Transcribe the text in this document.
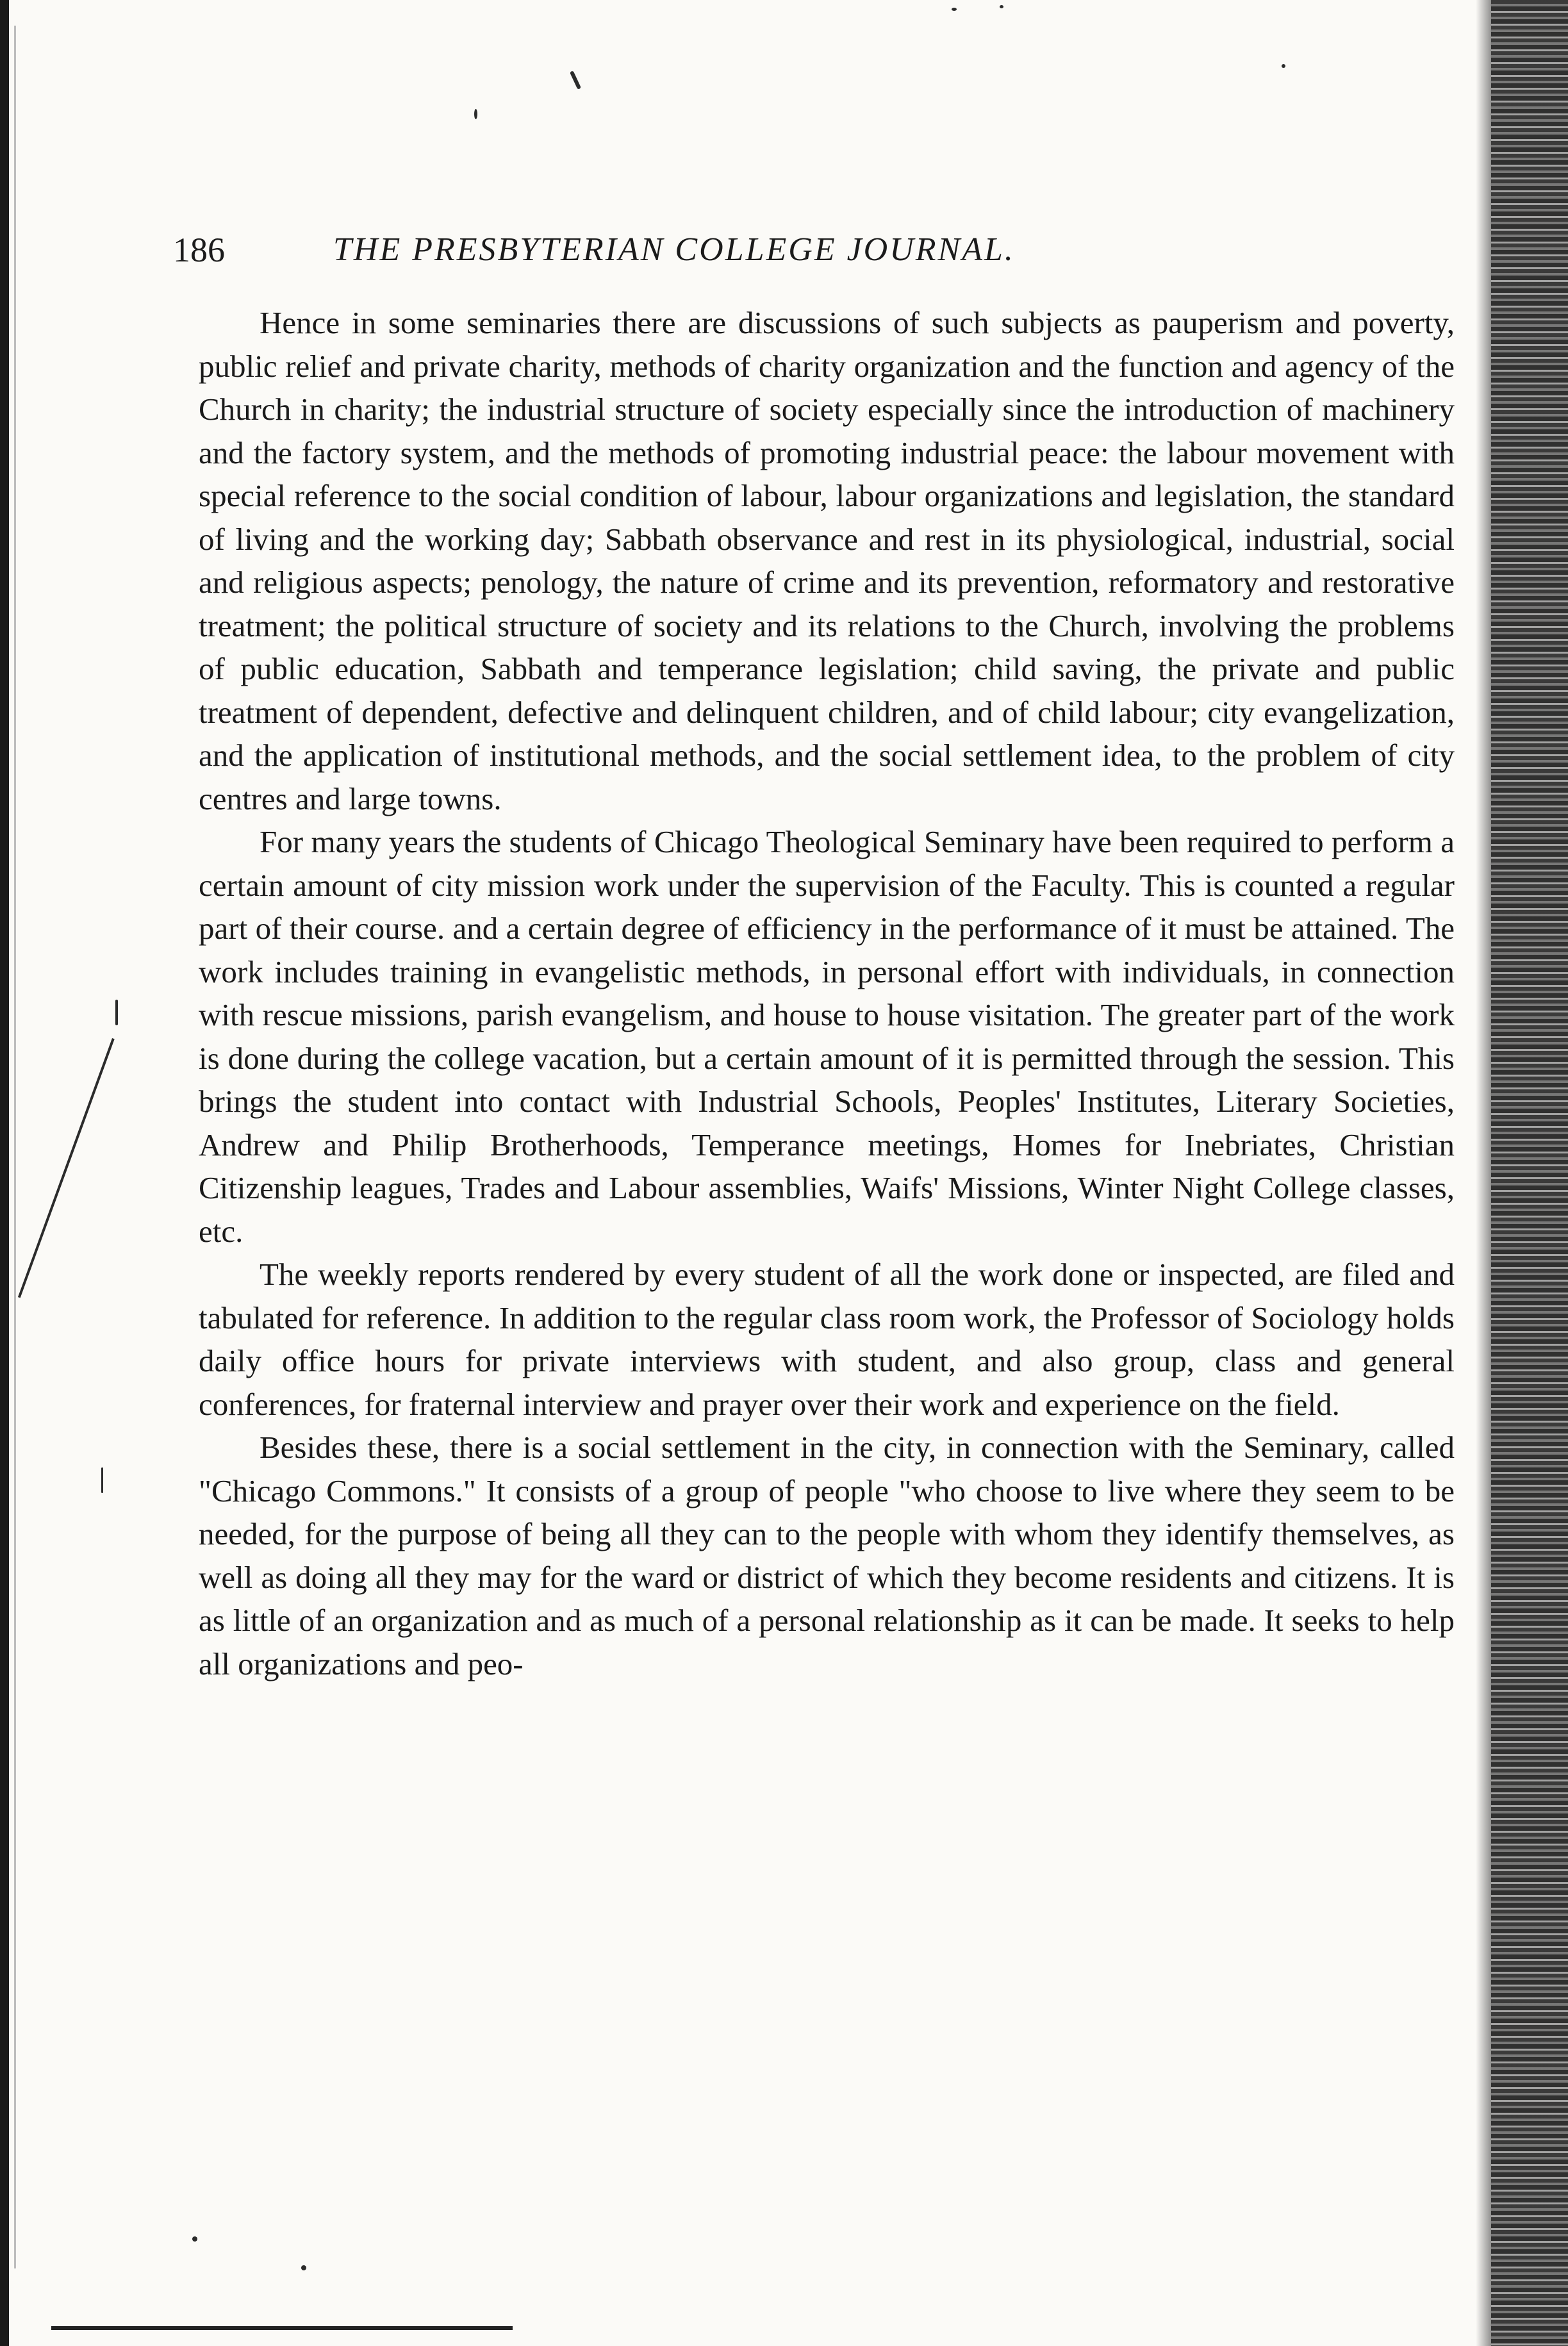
186	THE PRESBYTERIAN COLLEGE JOURNAL.

Hence in some seminaries there are discussions of such subjects as pauperism and poverty, public relief and private charity, methods of charity organization and the function and agency of the Church in charity; the industrial structure of society especially since the introduction of machinery and the factory system, and the methods of promoting industrial peace: the labour movement with special reference to the social condition of labour, labour organizations and legislation, the standard of living and the working day; Sabbath observance and rest in its physiological, industrial, social and religious aspects; penology, the nature of crime and its prevention, reformatory and restorative treatment; the political structure of society and its relations to the Church, involving the problems of public education, Sabbath and temperance legislation; child saving, the private and public treatment of dependent, defective and delinquent children, and of child labour; city evangelization, and the application of institutional methods, and the social settlement idea, to the problem of city centres and large towns.

For many years the students of Chicago Theological Seminary have been required to perform a certain amount of city mission work under the supervision of the Faculty. This is counted a regular part of their course. and a certain degree of efficiency in the performance of it must be attained. The work includes training in evangelistic methods, in personal effort with individuals, in connection with rescue missions, parish evangelism, and house to house visitation. The greater part of the work is done during the college vacation, but a certain amount of it is permitted through the session. This brings the student into contact with Industrial Schools, Peoples' Institutes, Literary Societies, Andrew and Philip Brotherhoods, Temperance meetings, Homes for Inebriates, Christian Citizenship leagues, Trades and Labour assemblies, Waifs' Missions, Winter Night College classes, etc.

The weekly reports rendered by every student of all the work done or inspected, are filed and tabulated for reference. In addition to the regular class room work, the Professor of Sociology holds daily office hours for private interviews with student, and also group, class and general conferences, for fraternal interview and prayer over their work and experience on the field.

Besides these, there is a social settlement in the city, in connection with the Seminary, called "Chicago Commons." It consists of a group of people "who choose to live where they seem to be needed, for the purpose of being all they can to the people with whom they identify themselves, as well as doing all they may for the ward or district of which they become residents and citizens. It is as little of an organization and as much of a personal relationship as it can be made. It seeks to help all organizations and peo-
